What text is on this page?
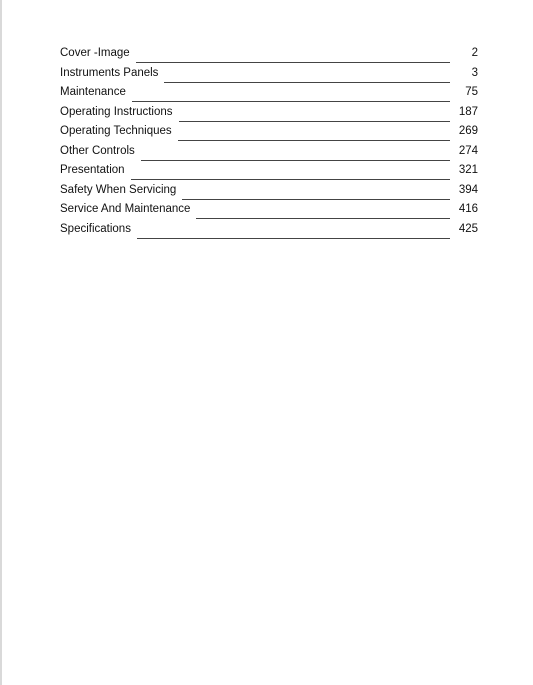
Cover -Image	2
Instruments Panels	3
Maintenance	75
Operating Instructions	187
Operating Techniques	269
Other Controls	274
Presentation	321
Safety When Servicing	394
Service And Maintenance	416
Specifications	425
